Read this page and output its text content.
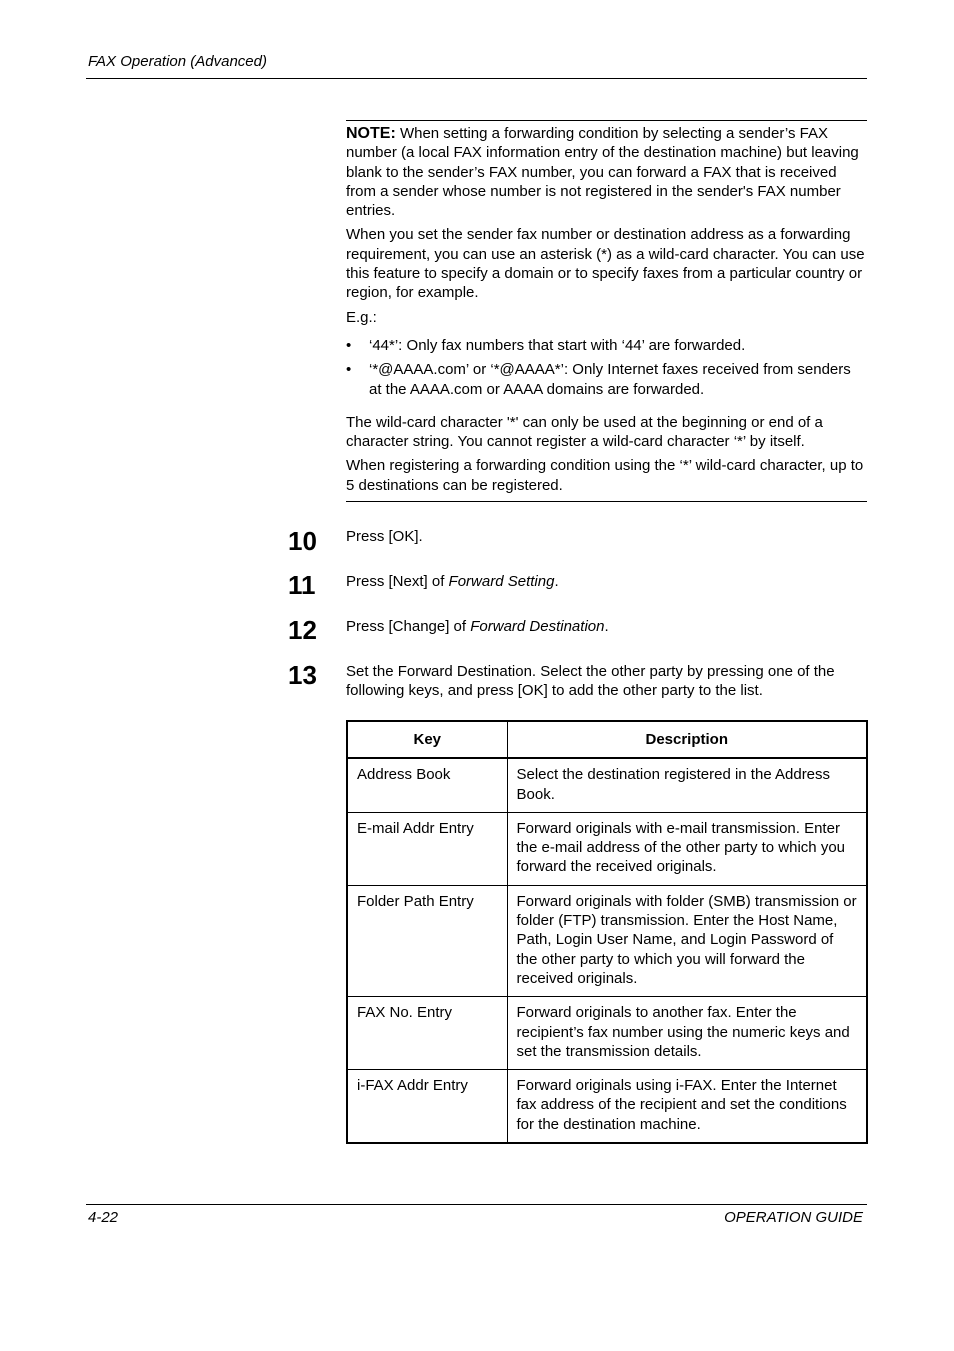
FAX Operation (Advanced)

NOTE: When setting a forwarding condition by selecting a sender’s FAX number (a local FAX information entry of the destination machine) but leaving blank to the sender’s FAX number, you can forward a FAX that is received from a sender whose number is not registered in the sender's FAX number entries.

When you set the sender fax number or destination address as a forwarding requirement, you can use an asterisk (*) as a wild-card character. You can use this feature to specify a domain or to specify faxes from a particular country or region, for example.

E.g.:

• ‘44*’: Only fax numbers that start with ‘44’ are forwarded.
• ‘*@AAAA.com’ or ‘*@AAAA*’: Only Internet faxes received from senders at the AAAA.com or AAAA domains are forwarded.

The wild-card character '*' can only be used at the beginning or end of a character string. You cannot register a wild-card character ‘*’ by itself.

When registering a forwarding condition using the ‘*’ wild-card character, up to 5 destinations can be registered.

10 Press [OK].
11 Press [Next] of Forward Setting.
12 Press [Change] of Forward Destination.
13 Set the Forward Destination. Select the other party by pressing one of the following keys, and press [OK] to add the other party to the list.
Key	Description
Address Book	Select the destination registered in the Address Book.
E-mail Addr Entry	Forward originals with e-mail transmission. Enter the e-mail address of the other party to which you forward the received originals.
Folder Path Entry	Forward originals with folder (SMB) transmission or folder (FTP) transmission. Enter the Host Name, Path, Login User Name, and Login Password of the other party to which you will forward the received originals.
FAX No. Entry	Forward originals to another fax. Enter the recipient’s fax number using the numeric keys and set the transmission details.
i-FAX Addr Entry	Forward originals using i-FAX. Enter the Internet fax address of the recipient and set the conditions for the destination machine.
4-22	OPERATION GUIDE
